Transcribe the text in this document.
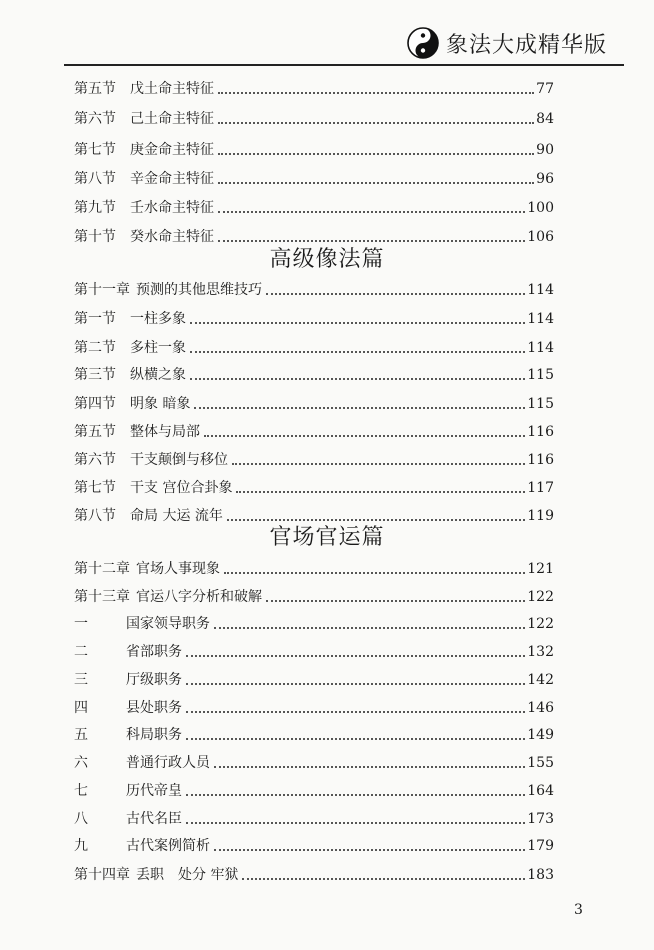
象法大成精华版
第五节	戊土命主特征	77
第六节	己土命主特征	84
第七节	庚金命主特征	90
第八节	辛金命主特征	96
第九节	壬水命主特征	100
第十节	癸水命主特征	106
高级像法篇
第十一章 预测的其他思维技巧	114
第一节	一柱多象	114
第二节	多柱一象	114
第三节	纵横之象	115
第四节	明象 暗象	115
第五节	整体与局部	116
第六节	干支颠倒与移位	116
第七节	干支 宫位合卦象	117
第八节	命局 大运 流年	119
官场官运篇
第十二章 官场人事现象	121
第十三章 官运八字分析和破解	122
一	国家领导职务	122
二	省部职务	132
三	厅级职务	142
四	县处职务	146
五	科局职务	149
六	普通行政人员	155
七	历代帝皇	164
八	古代名臣	173
九	古代案例简析	179
第十四章 丢职　处分 牢狱	183
3
